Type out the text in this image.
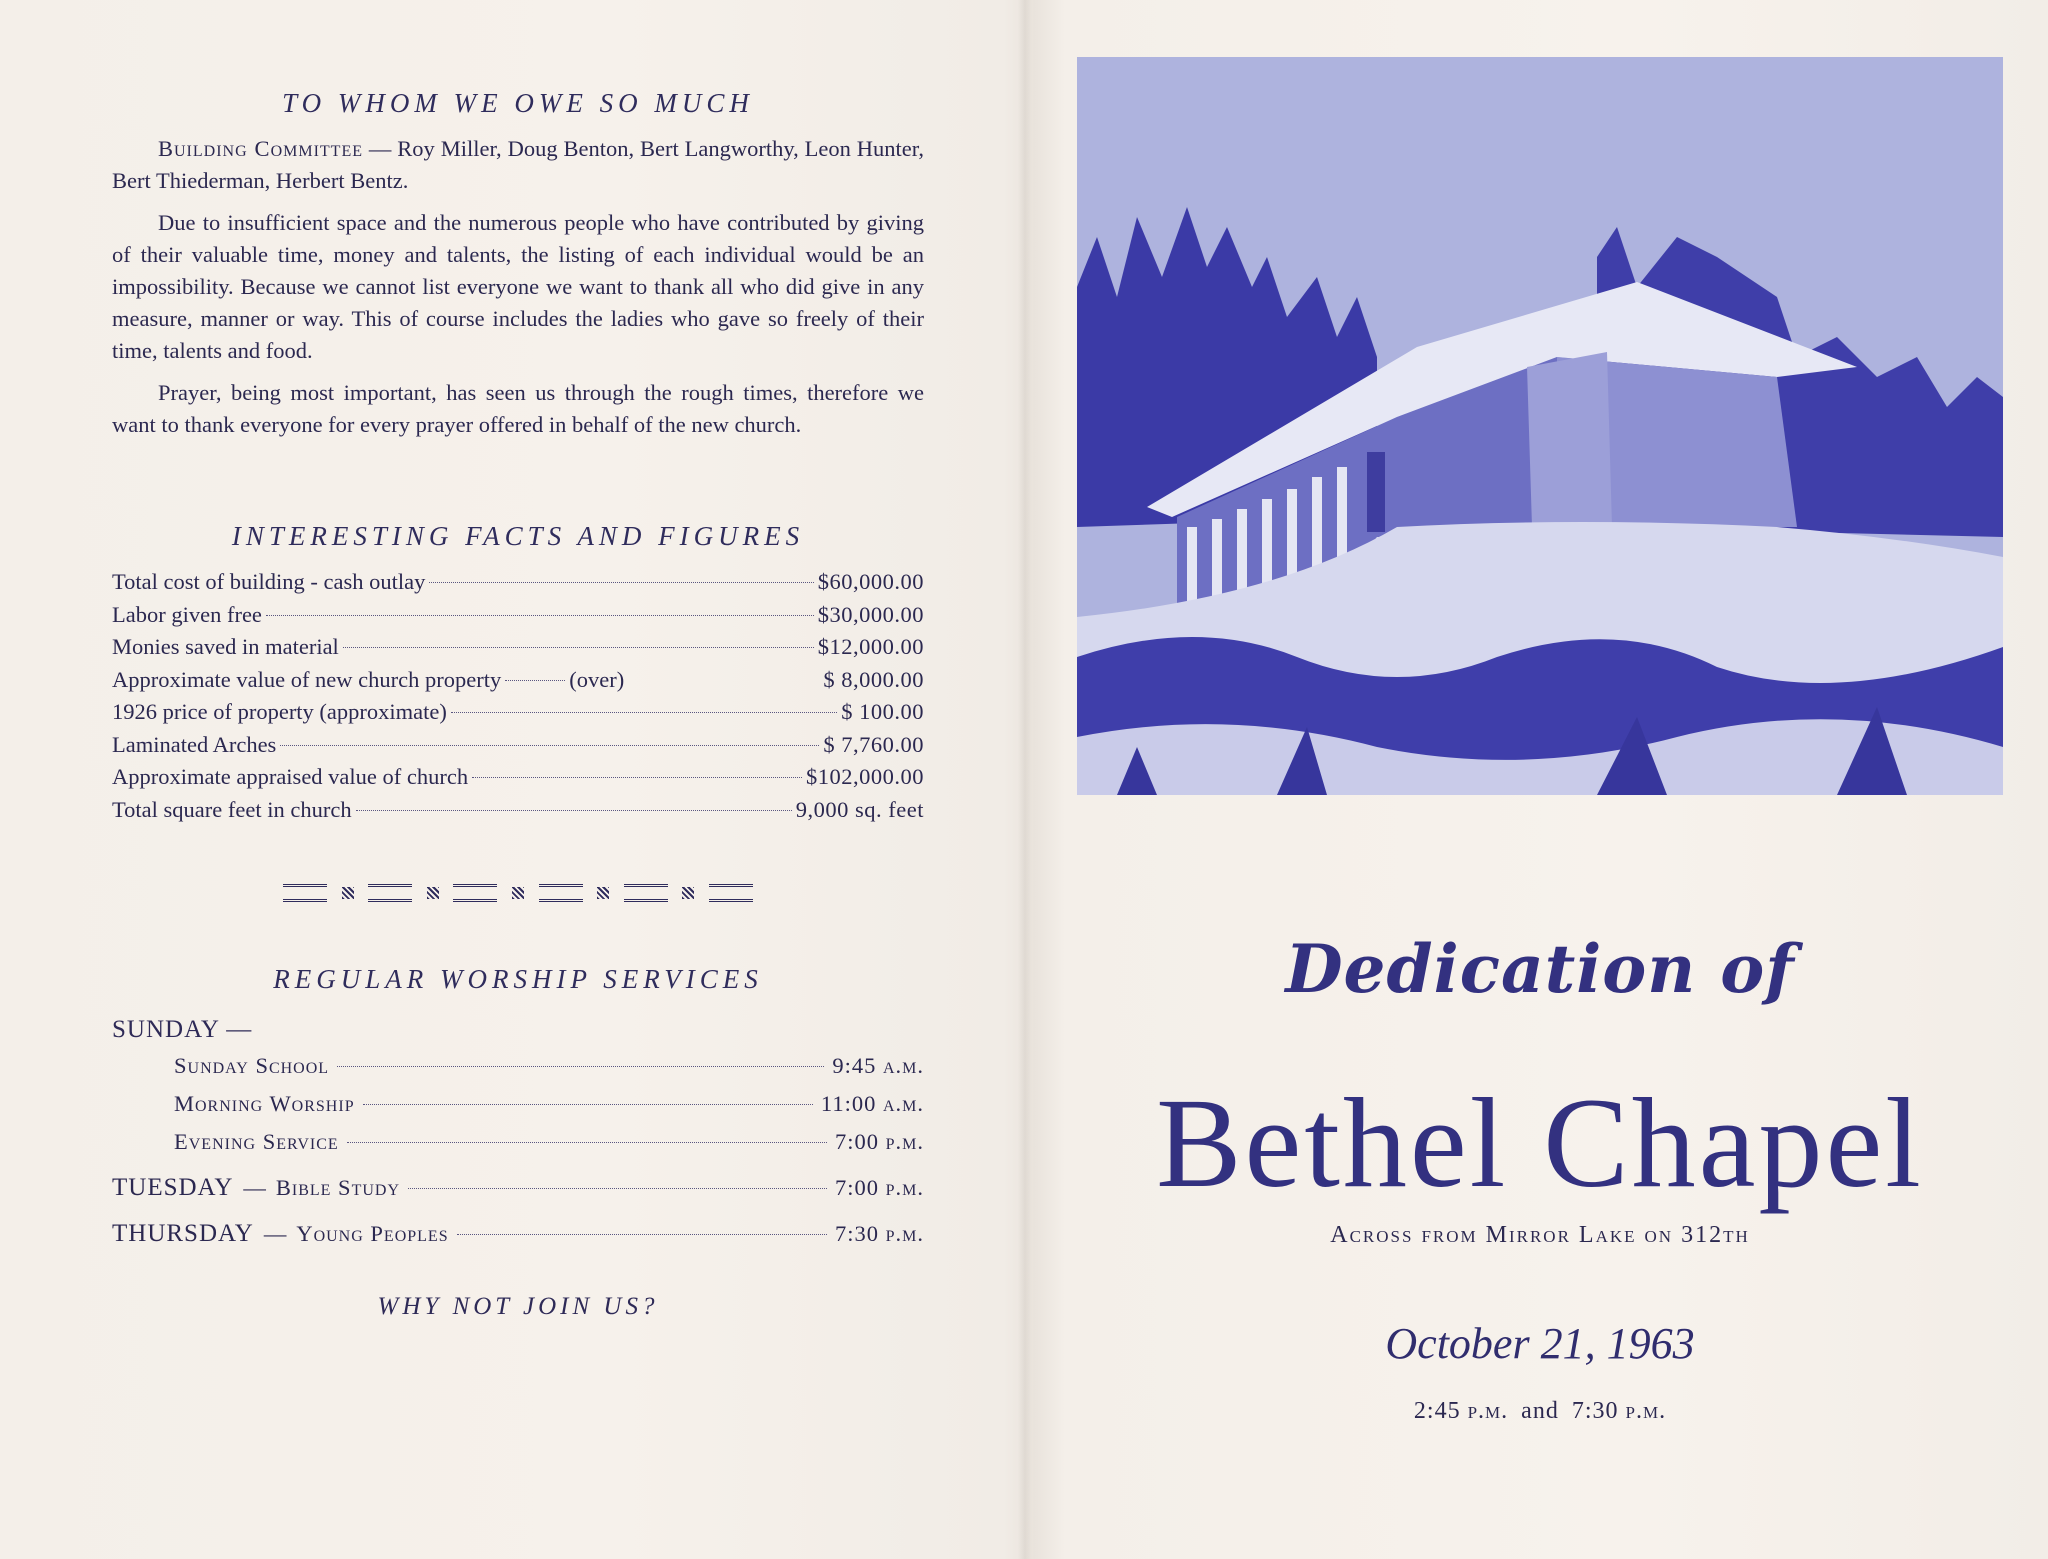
TO WHOM WE OWE SO MUCH

Building Committee — Roy Miller, Doug Benton, Bert Langworthy, Leon Hunter, Bert Thiederman, Herbert Bentz.

Due to insufficient space and the numerous people who have contributed by giving of their valuable time, money and talents, the listing of each individual would be an impossibility. Because we cannot list everyone we want to thank all who did give in any measure, manner or way. This of course includes the ladies who gave so freely of their time, talents and food.

Prayer, being most important, has seen us through the rough times, therefore we want to thank everyone for every prayer offered in behalf of the new church.

INTERESTING FACTS AND FIGURES

Total cost of building - cash outlay	$60,000.00
Labor given free	$30,000.00
Monies saved in material	$12,000.00
Approximate value of new church property	(over)	$ 8,000.00
1926 price of property (approximate)	$ 100.00
Laminated Arches	$ 7,760.00
Approximate appraised value of church	$102,000.00
Total square feet in church	9,000 sq. feet

REGULAR WORSHIP SERVICES

SUNDAY —
Sunday School	9:45 a.m.
Morning Worship	11:00 a.m.
Evening Service	7:00 p.m.
TUESDAY — Bible Study	7:00 p.m.
THURSDAY — Young Peoples	7:30 p.m.
WHY NOT JOIN US?
Dedication of
Bethel Chapel
Across from Mirror Lake on 312th
October 21, 1963
2:45 p.m. and 7:30 p.m.
